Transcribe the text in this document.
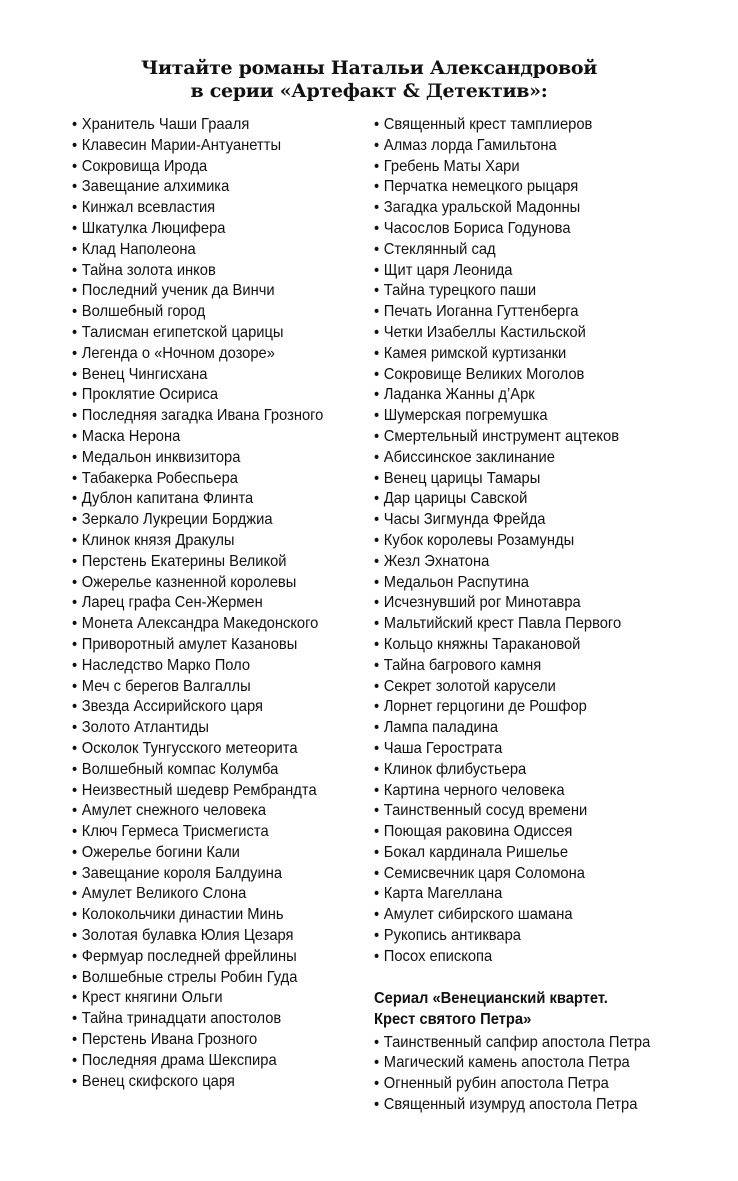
Читайте романы Натальи Александровой
в серии «Артефакт & Детектив»:
• Хранитель Чаши Грааля
• Клавесин Марии-Антуанетты
• Сокровища Ирода
• Завещание алхимика
• Кинжал всевластия
• Шкатулка Люцифера
• Клад Наполеона
• Тайна золота инков
• Последний ученик да Винчи
• Волшебный город
• Талисман египетской царицы
• Легенда о «Ночном дозоре»
• Венец Чингисхана
• Проклятие Осириса
• Последняя загадка Ивана Грозного
• Маска Нерона
• Медальон инквизитора
• Табакерка Робеспьера
• Дублон капитана Флинта
• Зеркало Лукреции Борджиа
• Клинок князя Дракулы
• Перстень Екатерины Великой
• Ожерелье казненной королевы
• Ларец графа Сен-Жермен
• Монета Александра Македонского
• Приворотный амулет Казановы
• Наследство Марко Поло
• Меч с берегов Валгаллы
• Звезда Ассирийского царя
• Золото Атлантиды
• Осколок Тунгусского метеорита
• Волшебный компас Колумба
• Неизвестный шедевр Рембрандта
• Амулет снежного человека
• Ключ Гермеса Трисмегиста
• Ожерелье богини Кали
• Завещание короля Балдуина
• Амулет Великого Слона
• Колокольчики династии Минь
• Золотая булавка Юлия Цезаря
• Фермуар последней фрейлины
• Волшебные стрелы Робин Гуда
• Крест княгини Ольги
• Тайна тринадцати апостолов
• Перстень Ивана Грозного
• Последняя драма Шекспира
• Венец скифского царя
• Священный крест тамплиеров
• Алмаз лорда Гамильтона
• Гребень Маты Хари
• Перчатка немецкого рыцаря
• Загадка уральской Мадонны
• Часослов Бориса Годунова
• Стеклянный сад
• Щит царя Леонида
• Тайна турецкого паши
• Печать Иоганна Гуттенберга
• Четки Изабеллы Кастильской
• Камея римской куртизанки
• Сокровище Великих Моголов
• Ладанка Жанны д’Арк
• Шумерская погремушка
• Смертельный инструмент ацтеков
• Абиссинское заклинание
• Венец царицы Тамары
• Дар царицы Савской
• Часы Зигмунда Фрейда
• Кубок королевы Розамунды
• Жезл Эхнатона
• Медальон Распутина
• Исчезнувший рог Минотавра
• Мальтийский крест Павла Первого
• Кольцо княжны Таракановой
• Тайна багрового камня
• Секрет золотой карусели
• Лорнет герцогини де Рошфор
• Лампа паладина
• Чаша Герострата
• Клинок флибустьера
• Картина черного человека
• Таинственный сосуд времени
• Поющая раковина Одиссея
• Бокал кардинала Ришелье
• Семисвечник царя Соломона
• Карта Магеллана
• Амулет сибирского шамана
• Рукопись антиквара
• Посох епископа
Сериал «Венецианский квартет.
Крест святого Петра»
• Таинственный сапфир апостола Петра
• Магический камень апостола Петра
• Огненный рубин апостола Петра
• Священный изумруд апостола Петра
